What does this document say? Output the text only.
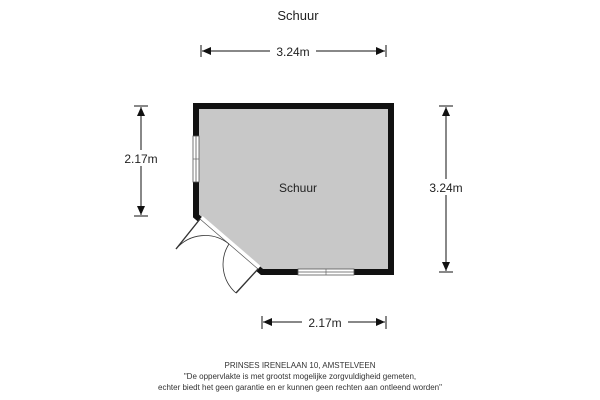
Schuur
Schuur
3.24m
2.17m
3.24m
2.17m
PRINSES IRENELAAN 10, AMSTELVEEN
"De oppervlakte is met grootst mogelijke zorgvuldigheid gemeten,
echter biedt het geen garantie en er kunnen geen rechten aan ontleend worden"
